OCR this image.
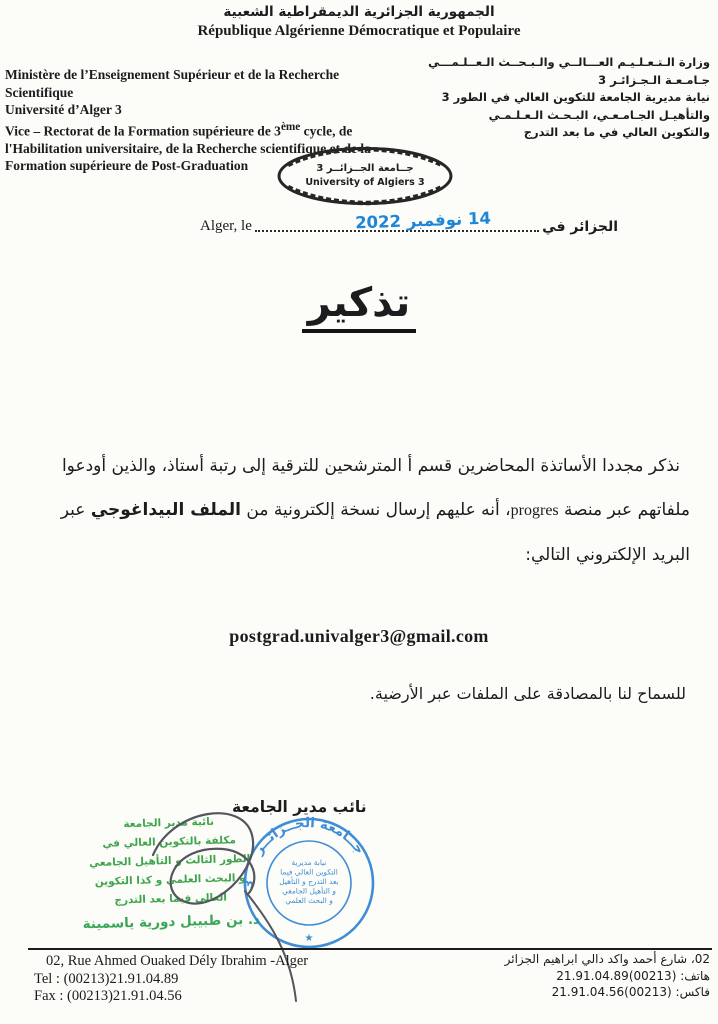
الجمهورية الجزائرية الديمقراطية الشعبية
République Algérienne Démocratique et Populaire
Ministère de l’Enseignement Supérieur et de la Recherche
Scientifique
Université d’Alger 3
Vice – Rectorat de la Formation supérieure de 3ème cycle, de
l'Habilitation universitaire, de la Recherche scientifique et de la
Formation supérieure de Post-Graduation
وزارة الـتـعـلـيـم العـــالــي والـبـحــث الـعــلـمـــي
جـامـعـة الـجـزائـر 3
نيابة مديرية الجامعة للتكوين العالي في الطور 3
والتأهيـل الجـامـعـي، البـحـث الـعـلـمـي
والتكوين العالي في ما بعد التدرج
جــامعة الجــزائــر 3
University of Algiers 3
Alger, le	الجزائر في
14 نوفمبر 2022
تذكير
نذكر مجددا الأساتذة المحاضرين قسم أ المترشحين للترقية إلى رتبة أستاذ، والذين أودعوا ملفاتهم عبر منصة progres، أنه عليهم إرسال نسخة إلكترونية من الملف البيداغوجي عبر البريد الإلكتروني التالي:
postgrad.univalger3@gmail.com
للسماح لنا بالمصادقة على الملفات عبر الأرضية.
نائب مدير الجامعة
نائبة مدير الجامعة
مكلفة بالتكوين العالي في
الطور الثالث و التأهيل الجامعي
و البحث العلمي و كذا التكوين
العالي فيما بعد التدرج
د. بن طبيبل دورية ياسمينة
جــامعة الجــزائــر
3
نيابة مديرية
التكوين العالي فيما
بعد التدرج و التأهيل
و التأهيل الجامعي
و البحث العلمي
★
02, Rue Ahmed Ouaked Dély Ibrahim -Alger
Tel : (00213)21.91.04.89
Fax : (00213)21.91.04.56
02، شارع أحمد واكد دالي ابراهيم الجزائر
هاتف: (00213)21.91.04.89
فاكس: (00213)21.91.04.56
